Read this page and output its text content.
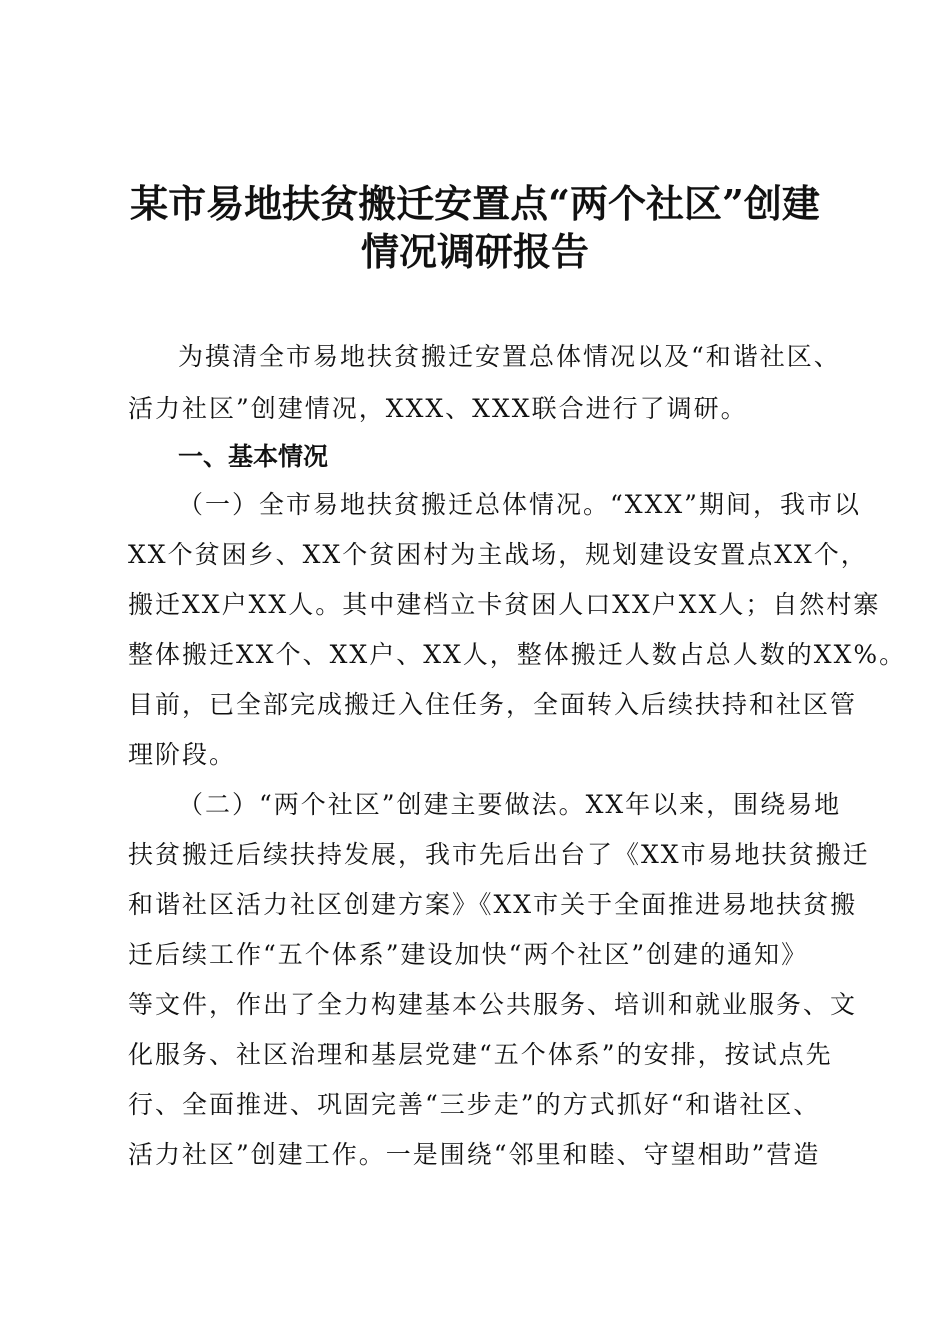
某市易地扶贫搬迁安置点“两个社区”创建
情况调研报告
为摸清全市易地扶贫搬迁安置总体情况以及“和谐社区、
活力社区”创建情况，XXX、XXX联合进行了调研。
一、基本情况
（一）全市易地扶贫搬迁总体情况。“XXX”期间，我市以
XX个贫困乡、XX个贫困村为主战场，规划建设安置点XX个，
搬迁XX户XX人。其中建档立卡贫困人口XX户XX人；自然村寨
整体搬迁XX个、XX户、XX人，整体搬迁人数占总人数的XX%。
目前，已全部完成搬迁入住任务，全面转入后续扶持和社区管
理阶段。
（二）“两个社区”创建主要做法。XX年以来，围绕易地
扶贫搬迁后续扶持发展，我市先后出台了《XX市易地扶贫搬迁
和谐社区活力社区创建方案》《XX市关于全面推进易地扶贫搬
迁后续工作“五个体系”建设加快“两个社区”创建的通知》
等文件，作出了全力构建基本公共服务、培训和就业服务、文
化服务、社区治理和基层党建“五个体系”的安排，按试点先
行、全面推进、巩固完善“三步走”的方式抓好“和谐社区、
活力社区”创建工作。一是围绕“邻里和睦、守望相助”营造
